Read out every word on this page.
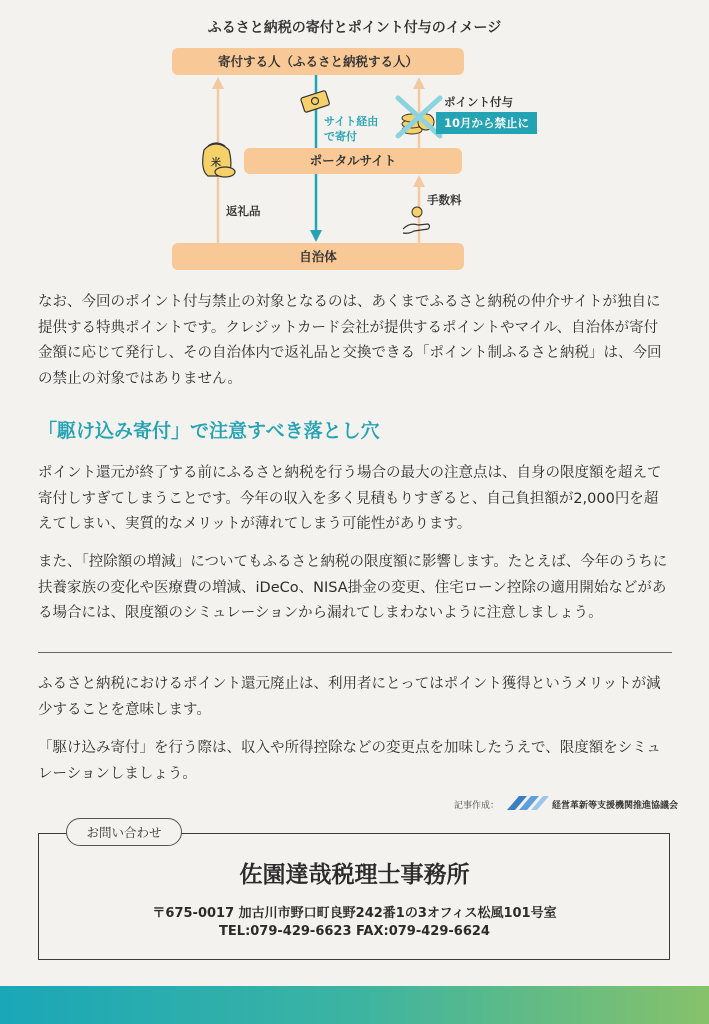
ふるさと納税の寄付とポイント付与のイメージ
米
寄付する人（ふるさと納税する人）
ポータルサイト
自治体
返礼品
サイト経由
で寄付
ポイント付与
10月から禁止に
手数料
なお、今回のポイント付与禁止の対象となるのは、あくまでふるさと納税の仲介サイトが独自に提供する特典ポイントです。クレジットカード会社が提供するポイントやマイル、自治体が寄付金額に応じて発行し、その自治体内で返礼品と交換できる「ポイント制ふるさと納税」は、今回の禁止の対象ではありません。
「駆け込み寄付」で注意すべき落とし穴
ポイント還元が終了する前にふるさと納税を行う場合の最大の注意点は、自身の限度額を超えて寄付しすぎてしまうことです。今年の収入を多く見積もりすぎると、自己負担額が2,000円を超えてしまい、実質的なメリットが薄れてしまう可能性があります。
また、「控除額の増減」についてもふるさと納税の限度額に影響します。たとえば、今年のうちに扶養家族の変化や医療費の増減、iDeCo、NISA掛金の変更、住宅ローン控除の適用開始などがある場合には、限度額のシミュレーションから漏れてしまわないように注意しましょう。
ふるさと納税におけるポイント還元廃止は、利用者にとってはポイント獲得というメリットが減少することを意味します。
「駆け込み寄付」を行う際は、収入や所得控除などの変更点を加味したうえで、限度額をシミュレーションしましょう。
記事作成：	経営革新等支援機関推進協議会
お問い合わせ
佐園達哉税理士事務所
〒675-0017 加古川市野口町良野242番1の3オフィス松風101号室
TEL:079-429-6623 FAX:079-429-6624
